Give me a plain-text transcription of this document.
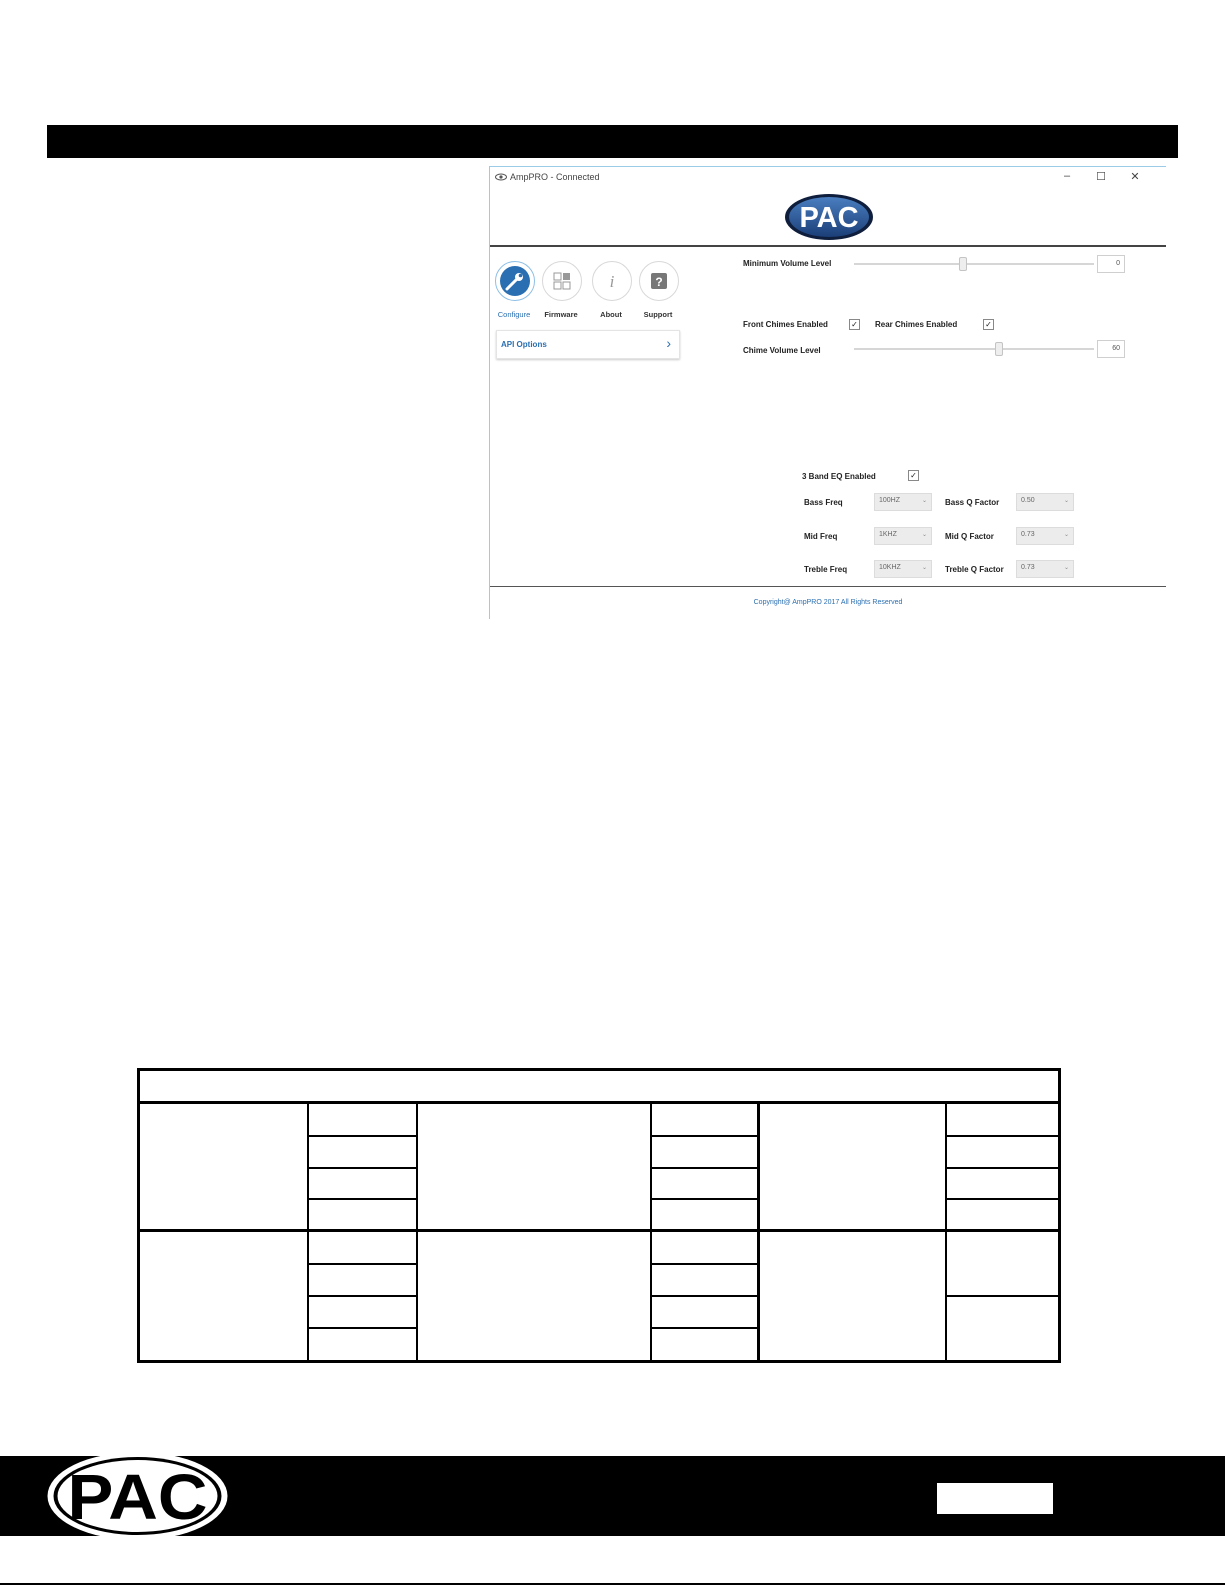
AmpPRO - Connected	–	☐	✕
PAC
i	?
Configure	Firmware	About	Support
API Options	›
Minimum Volume Level	0
Front Chimes Enabled	✓ Rear Chimes Enabled	✓
Chime Volume Level	60
3 Band EQ Enabled	✓
Bass Freq	100HZ	⌄ Bass Q Factor	0.50	⌄
Mid Freq	1KHZ	⌄ Mid Q Factor	0.73	⌄
Treble Freq	10KHZ	⌄ Treble Q Factor	0.73	⌄
Copyright@ AmpPRO 2017 All Rights Reserved
PAC
